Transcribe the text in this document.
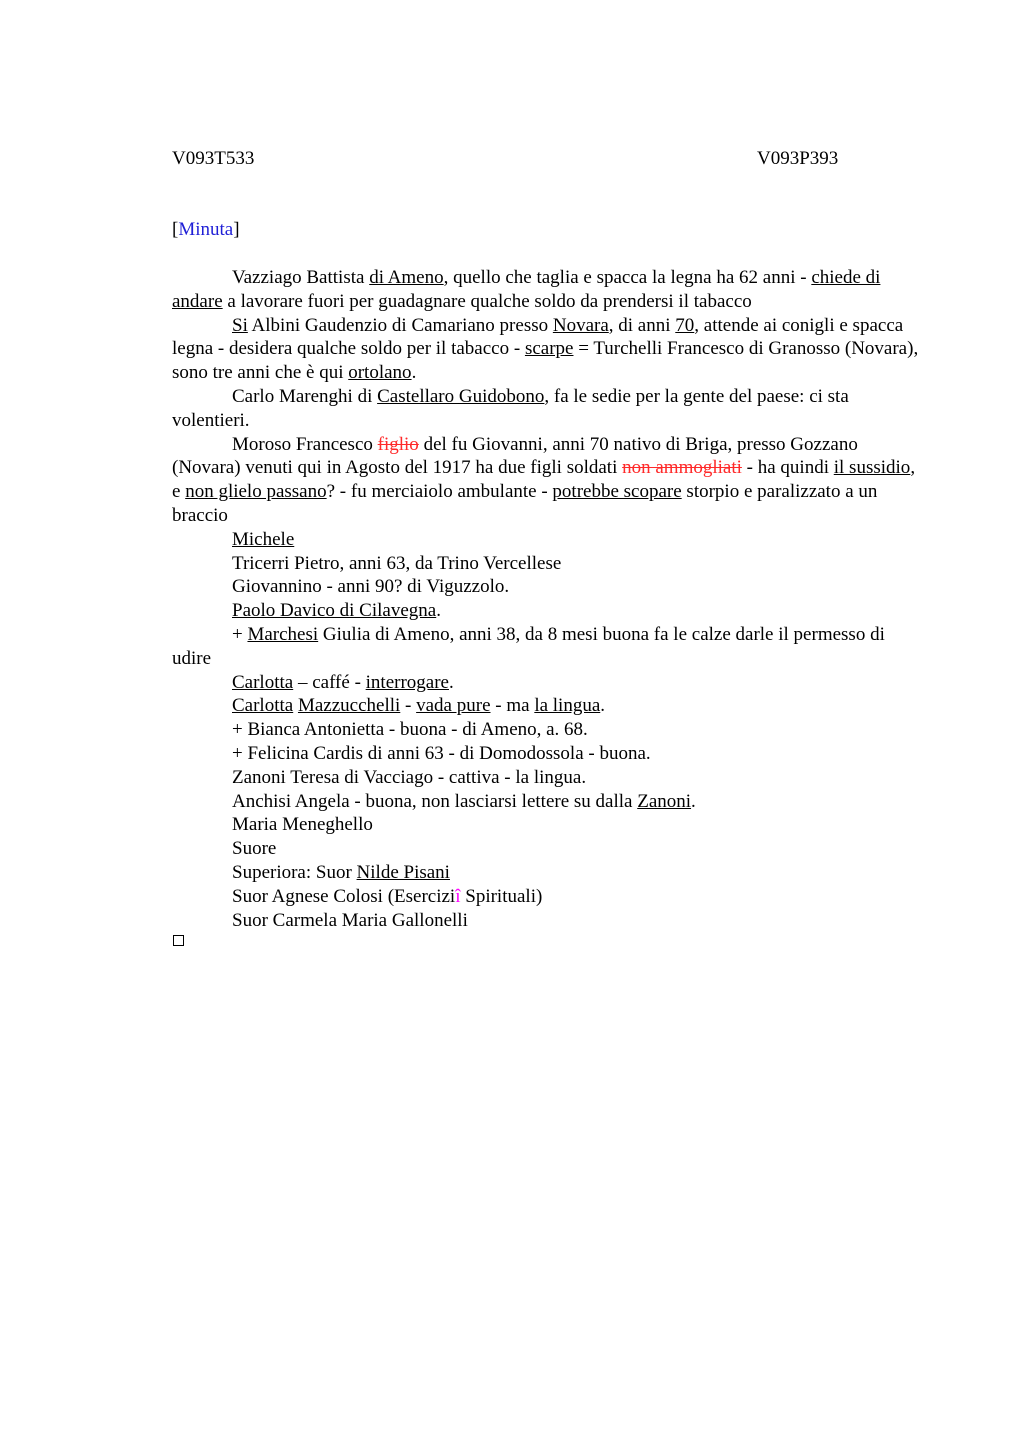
V093T533	V093P393
[Minuta]

Vazziago Battista di Ameno, quello che taglia e spacca la legna ha 62 anni - chiede di andare a lavorare fuori per guadagnare qualche soldo da prendersi il tabacco

Si Albini Gaudenzio di Camariano presso Novara, di anni 70, attende ai conigli e spacca legna - desidera qualche soldo per il tabacco - scarpe = Turchelli Francesco di Granosso (Novara), sono tre anni che è qui ortolano.

Carlo Marenghi di Castellaro Guidobono, fa le sedie per la gente del paese: ci sta volentieri.

Moroso Francesco figlio del fu Giovanni, anni 70 nativo di Briga, presso Gozzano (Novara) venuti qui in Agosto del 1917 ha due figli soldati non ammogliati - ha quindi il sussidio, e non glielo passano? - fu merciaiolo ambulante - potrebbe scopare storpio e paralizzato a un braccio

Michele

Tricerri Pietro, anni 63, da Trino Vercellese

Giovannino - anni 90? di Viguzzolo.

Paolo Davico di Cilavegna.

+ Marchesi Giulia di Ameno, anni 38, da 8 mesi buona fa le calze darle il permesso di udire

Carlotta – caffé - interrogare.

Carlotta Mazzucchelli - vada pure - ma la lingua.

+ Bianca Antonietta - buona - di Ameno, a. 68.

+ Felicina Cardis di anni 63 - di Domodossola - buona.

Zanoni Teresa di Vacciago - cattiva - la lingua.

Anchisi Angela - buona, non lasciarsi lettere su dalla Zanoni.

Maria Meneghello

Suore

Superiora: Suor Nilde Pisani

Suor Agnese Colosi (Eserciziî Spirituali)

Suor Carmela Maria Gallonelli
